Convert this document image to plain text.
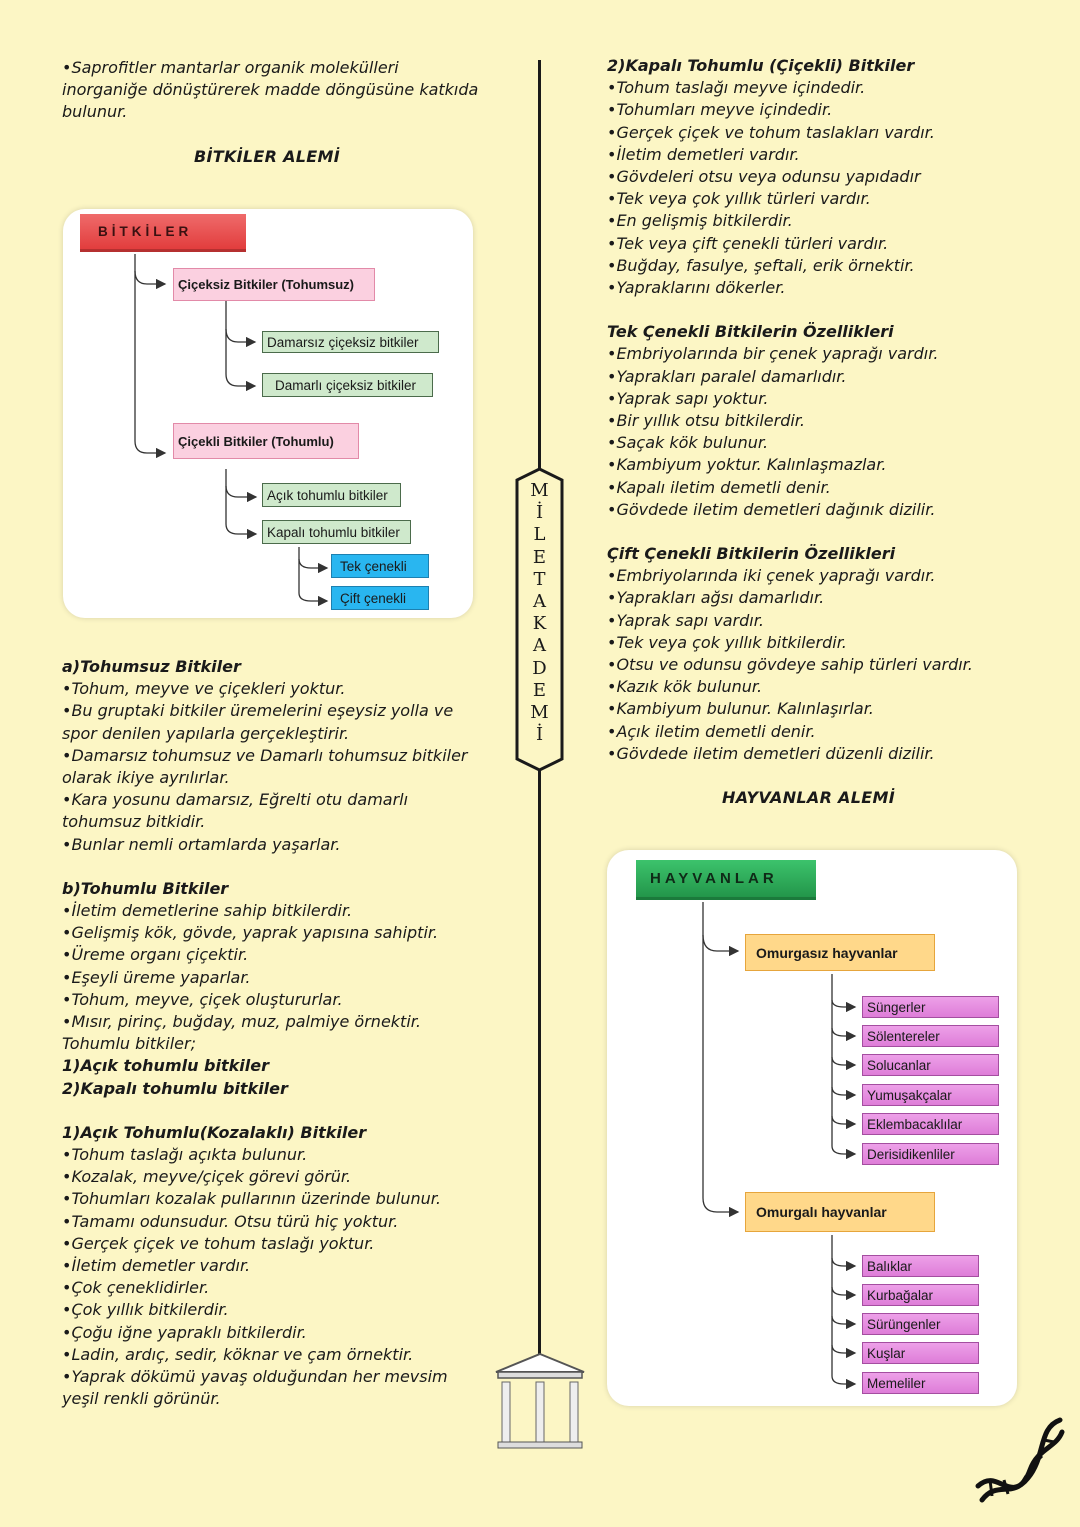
•Saprofitler mantarlar organik molekülleri inorganiğe dönüştürerek madde döngüsüne katkıda bulunur.

BİTKİLER ALEMİ

a)Tohumsuz Bitkiler

•Tohum, meyve ve çiçekleri yoktur.

•Bu gruptaki bitkiler üremelerini eşeysiz yolla ve spor denilen yapılarla gerçekleştirir.

•Damarsız tohumsuz ve Damarlı tohumsuz bitkiler olarak ikiye ayrılırlar.

•Kara yosunu damarsız, Eğrelti otu damarlı tohumsuz bitkidir.

•Bunlar nemli ortamlarda yaşarlar.

b)Tohumlu Bitkiler

•İletim demetlerine sahip bitkilerdir.

•Gelişmiş kök, gövde, yaprak yapısına sahiptir.

•Üreme organı çiçektir.

•Eşeyli üreme yaparlar.

•Tohum, meyve, çiçek oluştururlar.

•Mısır, pirinç, buğday, muz, palmiye örnektir.

Tohumlu bitkiler;

1)Açık tohumlu bitkiler

2)Kapalı tohumlu bitkiler

1)Açık Tohumlu(Kozalaklı) Bitkiler

•Tohum taslağı açıkta bulunur.

•Kozalak, meyve/çiçek görevi görür.

•Tohumları kozalak pullarının üzerinde bulunur.

•Tamamı odunsudur. Otsu türü hiç yoktur.

•Gerçek çiçek ve tohum taslağı yoktur.

•İletim demetler vardır.

•Çok çeneklidirler.

•Çok yıllık bitkilerdir.

•Çoğu iğne yapraklı bitkilerdir.

•Ladin, ardıç, sedir, köknar ve çam örnektir.

•Yaprak dökümü yavaş olduğundan her mevsim yeşil renkli görünür.

2)Kapalı Tohumlu (Çiçekli) Bitkiler

•Tohum taslağı meyve içindedir.

•Tohumları meyve içindedir.

•Gerçek çiçek ve tohum taslakları vardır.

•İletim demetleri vardır.

•Gövdeleri otsu veya odunsu yapıdadır

•Tek veya çok yıllık türleri vardır.

•En gelişmiş bitkilerdir.

•Tek veya çift çenekli türleri vardır.

•Buğday, fasulye, şeftali, erik örnektir.

•Yapraklarını dökerler.

Tek Çenekli Bitkilerin Özellikleri

•Embriyolarında bir çenek yaprağı vardır.

•Yaprakları paralel damarlıdır.

•Yaprak sapı yoktur.

•Bir yıllık otsu bitkilerdir.

•Saçak kök bulunur.

•Kambiyum yoktur. Kalınlaşmazlar.

•Kapalı iletim demetli denir.

•Gövdede iletim demetleri dağınık dizilir.

Çift Çenekli Bitkilerin Özellikleri

•Embriyolarında iki çenek yaprağı vardır.

•Yaprakları ağsı damarlıdır.

•Yaprak sapı vardır.

•Tek veya çok yıllık bitkilerdir.

•Otsu ve odunsu gövdeye sahip türleri vardır.

•Kazık kök bulunur.

•Kambiyum bulunur. Kalınlaşırlar.

•Açık iletim demetli denir.

•Gövdede iletim demetleri düzenli dizilir.

HAYVANLAR ALEMİ

M
İ
L
E
T
A
K
A
D
E
M
İ
BİTKİLER
Çiçeksiz Bitkiler (Tohumsuz)
Damarsız çiçeksiz bitkiler
Damarlı çiçeksiz bitkiler
Çiçekli Bitkiler (Tohumlu)
Açık tohumlu bitkiler
Kapalı tohumlu bitkiler
Tek çenekli
Çift çenekli
HAYVANLAR
Omurgasız hayvanlar
Süngerler
Sölentereler
Solucanlar
Yumuşakçalar
Eklembacaklılar
Derisidikenliler
Omurgalı hayvanlar
Balıklar
Kurbağalar
Sürüngenler
Kuşlar
Memeliler
